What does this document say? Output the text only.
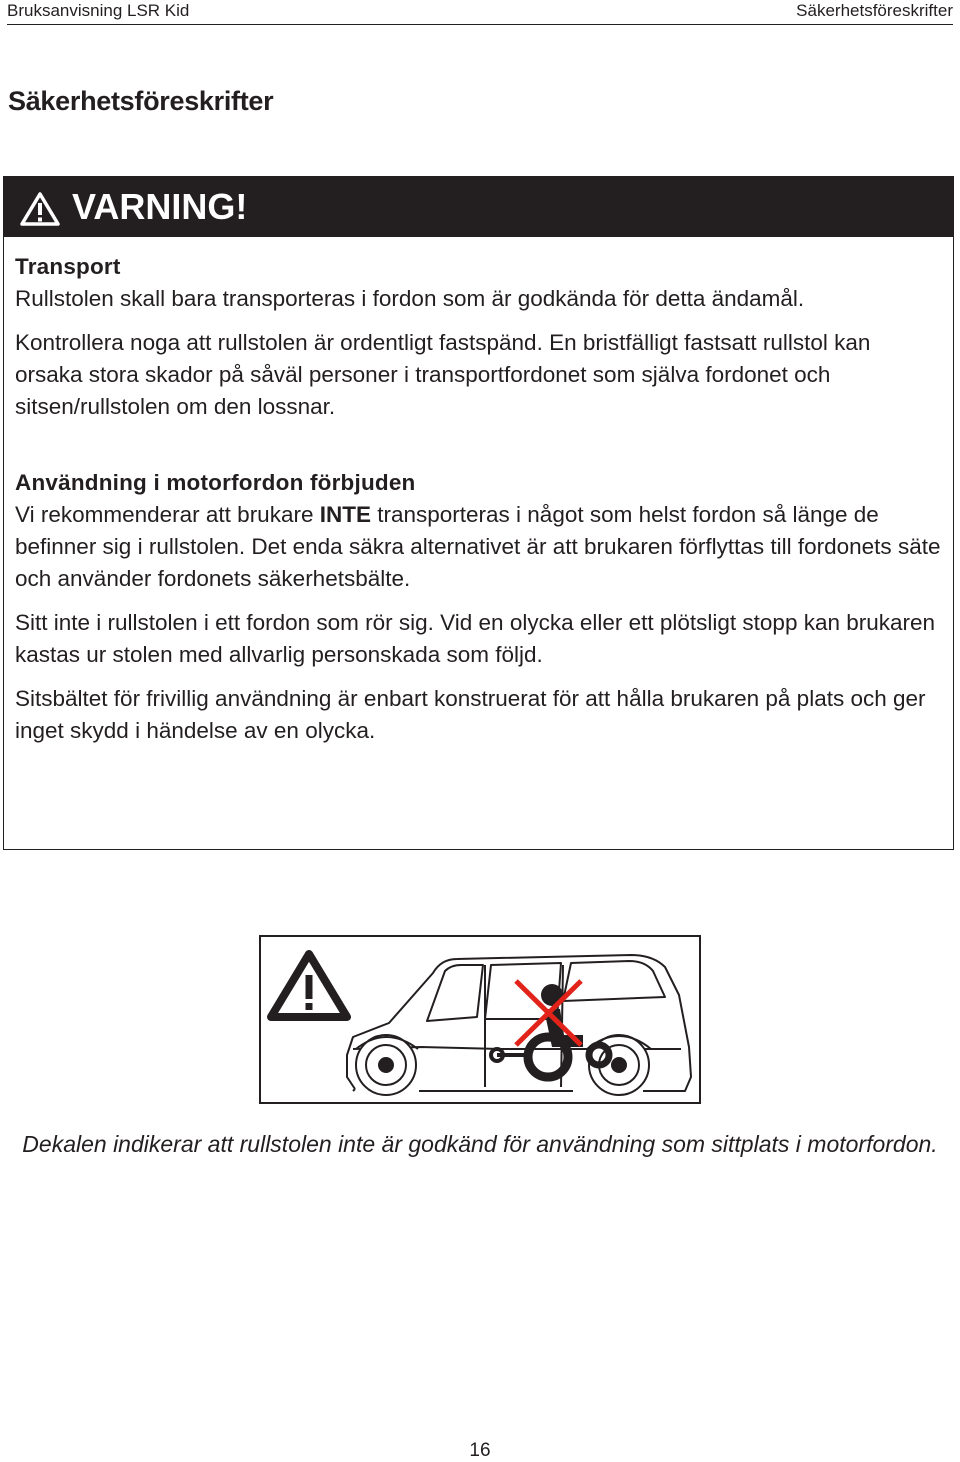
Bruksanvisning LSR Kid	Säkerhetsföreskrifter
Säkerhetsföreskrifter
VARNING!
Transport

Rullstolen skall bara transporteras i fordon som är godkända för detta ändamål.

Kontrollera noga att rullstolen är ordentligt fastspänd. En bristfälligt fastsatt rullstol kan orsaka stora skador på såväl personer i transportfordonet som själva fordonet och sitsen/rullstolen om den lossnar.

Användning i motorfordon förbjuden

Vi rekommenderar att brukare INTE transporteras i något som helst fordon så länge de befinner sig i rullstolen. Det enda säkra alternativet är att brukaren förflyttas till fordonets säte och använder fordonets säkerhetsbälte.

Sitt inte i rullstolen i ett fordon som rör sig. Vid en olycka eller ett plötsligt stopp kan brukaren kastas ur stolen med allvarlig personskada som följd.

Sitsbältet för frivillig användning är enbart konstruerat för att hålla brukaren på plats och ger inget skydd i händelse av en olycka.

Dekalen indikerar att rullstolen inte är godkänd för användning som sittplats i motorfordon.

16
